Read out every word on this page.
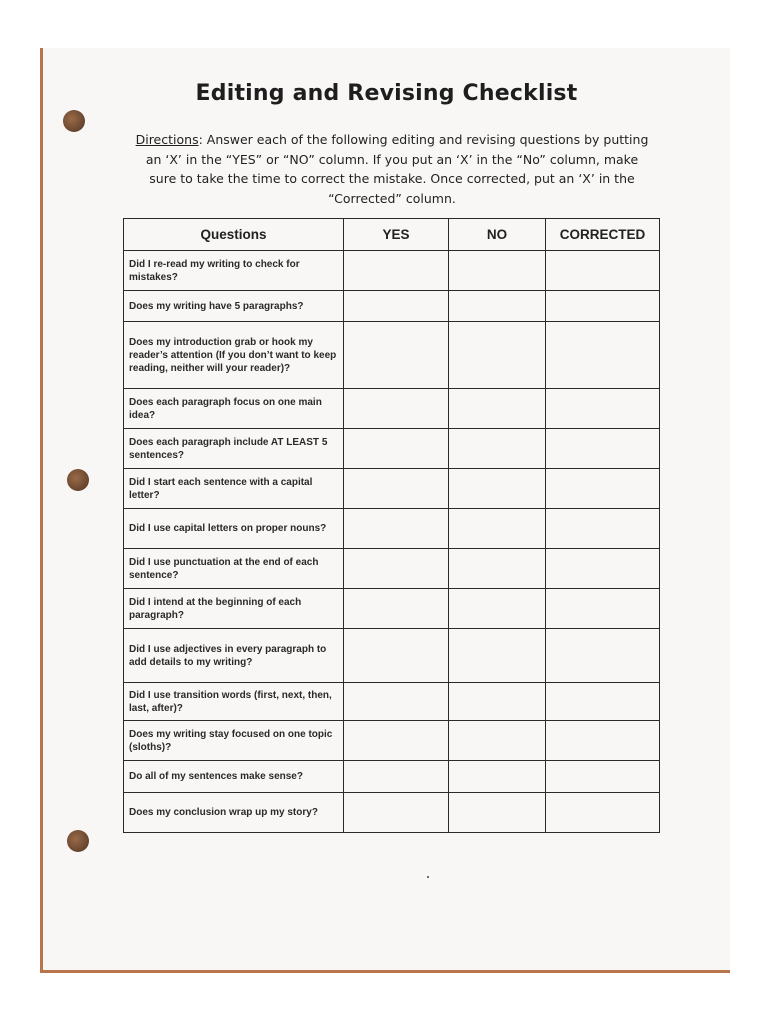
Editing and Revising Checklist
Directions: Answer each of the following editing and revising questions by putting an ‘X’ in the “YES” or “NO” column. If you put an ‘X’ in the “No” column, make sure to take the time to correct the mistake. Once corrected, put an ‘X’ in the “Corrected” column.
Questions	YES	NO	CORRECTED
Did I re-read my writing to check for mistakes?			
Does my writing have 5 paragraphs?			
Does my introduction grab or hook my reader’s attention (If you don’t want to keep reading, neither will your reader)?			
Does each paragraph focus on one main idea?			
Does each paragraph include AT LEAST 5 sentences?			
Did I start each sentence with a capital letter?			
Did I use capital letters on proper nouns?			
Did I use punctuation at the end of each sentence?			
Did I intend at the beginning of each paragraph?			
Did I use adjectives in every paragraph to add details to my writing?			
Did I use transition words (first, next, then, last, after)?			
Does my writing stay focused on one topic (sloths)?			
Do all of my sentences make sense?			
Does my conclusion wrap up my story?			
